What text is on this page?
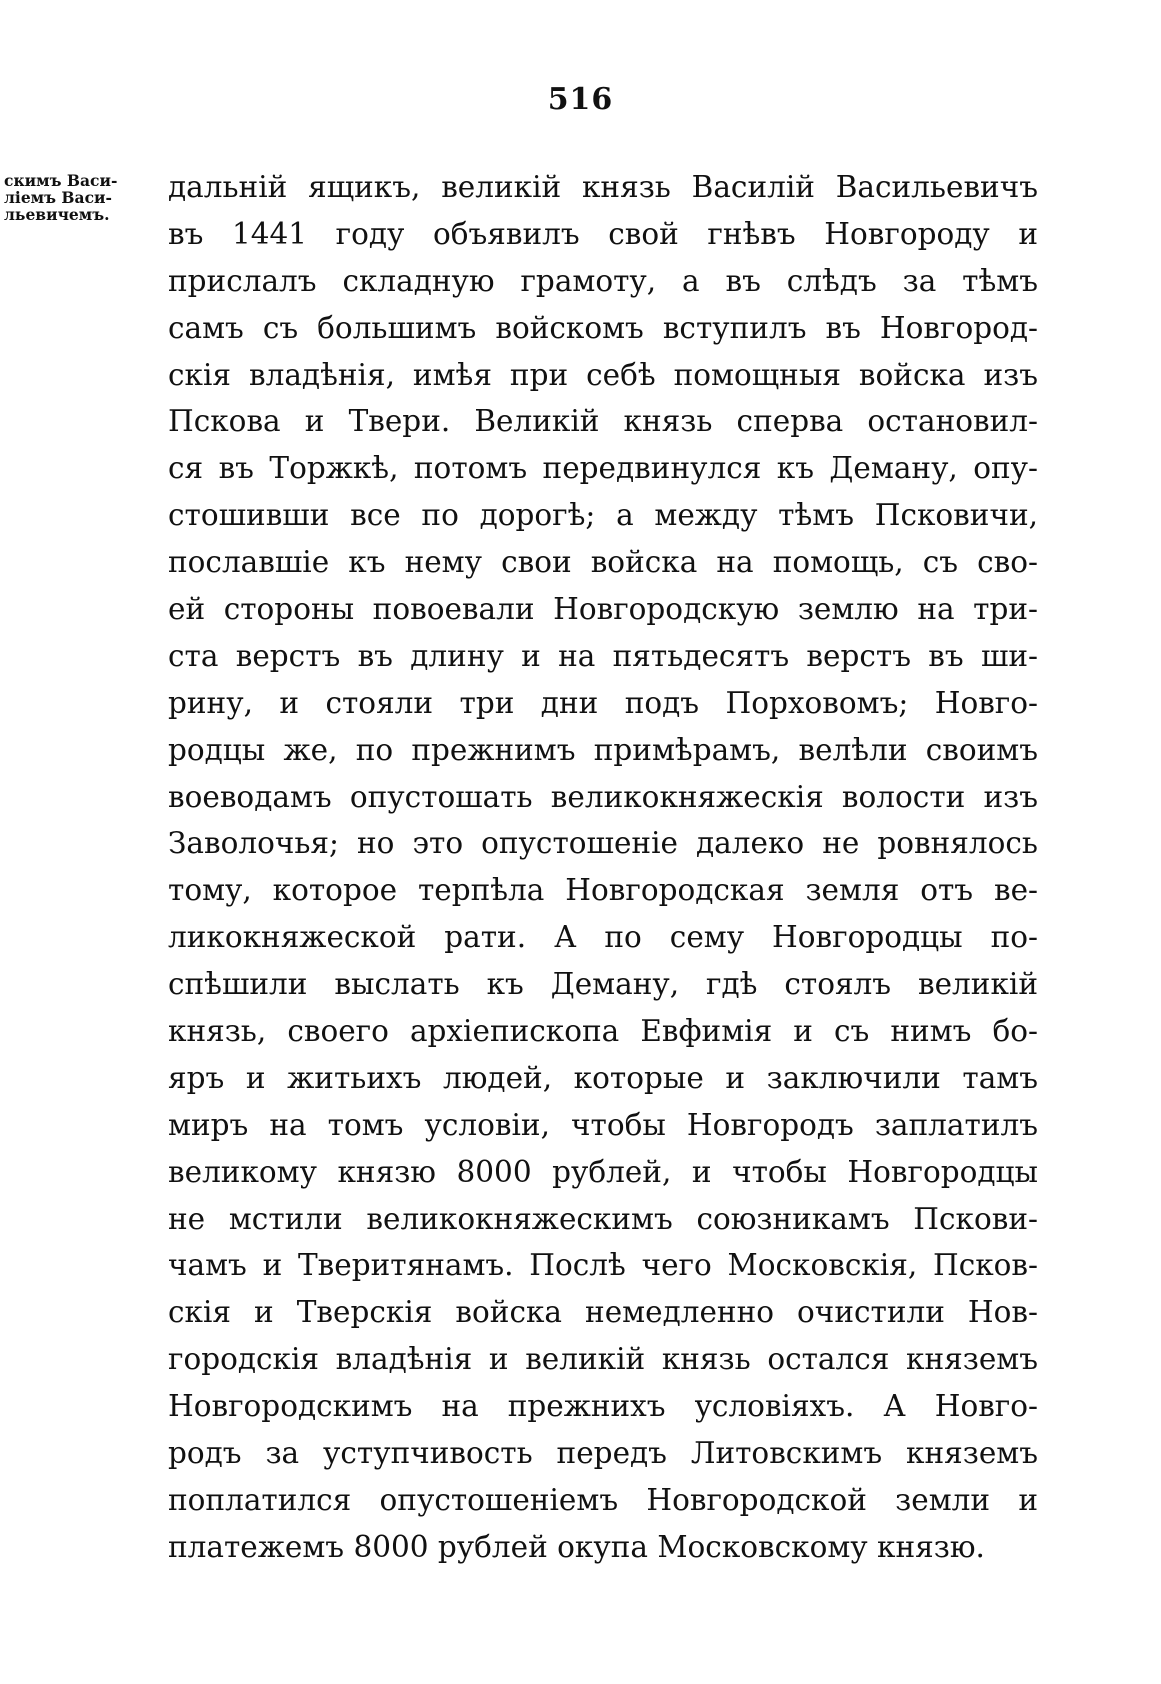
516
скимъ Васи-
ліемъ Васи-
льевичемъ.
дальній ящикъ, великій князь Василій Васильевичъ
въ 1441 году объявилъ свой гнѣвъ Новгороду и
прислалъ складную грамоту, а въ слѣдъ за тѣмъ
самъ съ большимъ войскомъ вступилъ въ Новгород-
скія владѣнія, имѣя при себѣ помощныя войска изъ
Пскова и Твери. Великій князь сперва остановил-
ся въ Торжкѣ, потомъ передвинулся къ Деману, опу-
стошивши все по дорогѣ; а между тѣмъ Псковичи,
пославшіе къ нему свои войска на помощь, съ сво-
ей стороны повоевали Новгородскую землю на три-
ста верстъ въ длину и на пятьдесятъ верстъ въ ши-
рину, и стояли три дни подъ Порховомъ; Новго-
родцы же, по прежнимъ примѣрамъ, велѣли своимъ
воеводамъ опустошать великокняжескія волости изъ
Заволочья; но это опустошеніе далеко не ровнялось
тому, которое терпѣла Новгородская земля отъ ве-
ликокняжеской рати. А по сему Новгородцы по-
спѣшили выслать къ Деману, гдѣ стоялъ великій
князь, своего архіепископа Евфимія и съ нимъ бо-
яръ и житьихъ людей, которые и заключили тамъ
миръ на томъ условіи, чтобы Новгородъ заплатилъ
великому князю 8000 рублей, и чтобы Новгородцы
не мстили великокняжескимъ союзникамъ Пскови-
чамъ и Тверитянамъ. Послѣ чего Московскія, Псков-
скія и Тверскія войска немедленно очистили Нов-
городскія владѣнія и великій князь остался княземъ
Новгородскимъ на прежнихъ условіяхъ. А Новго-
родъ за уступчивость передъ Литовскимъ княземъ
поплатился опустошеніемъ Новгородской земли и
платежемъ 8000 рублей окупа Московскому князю.
